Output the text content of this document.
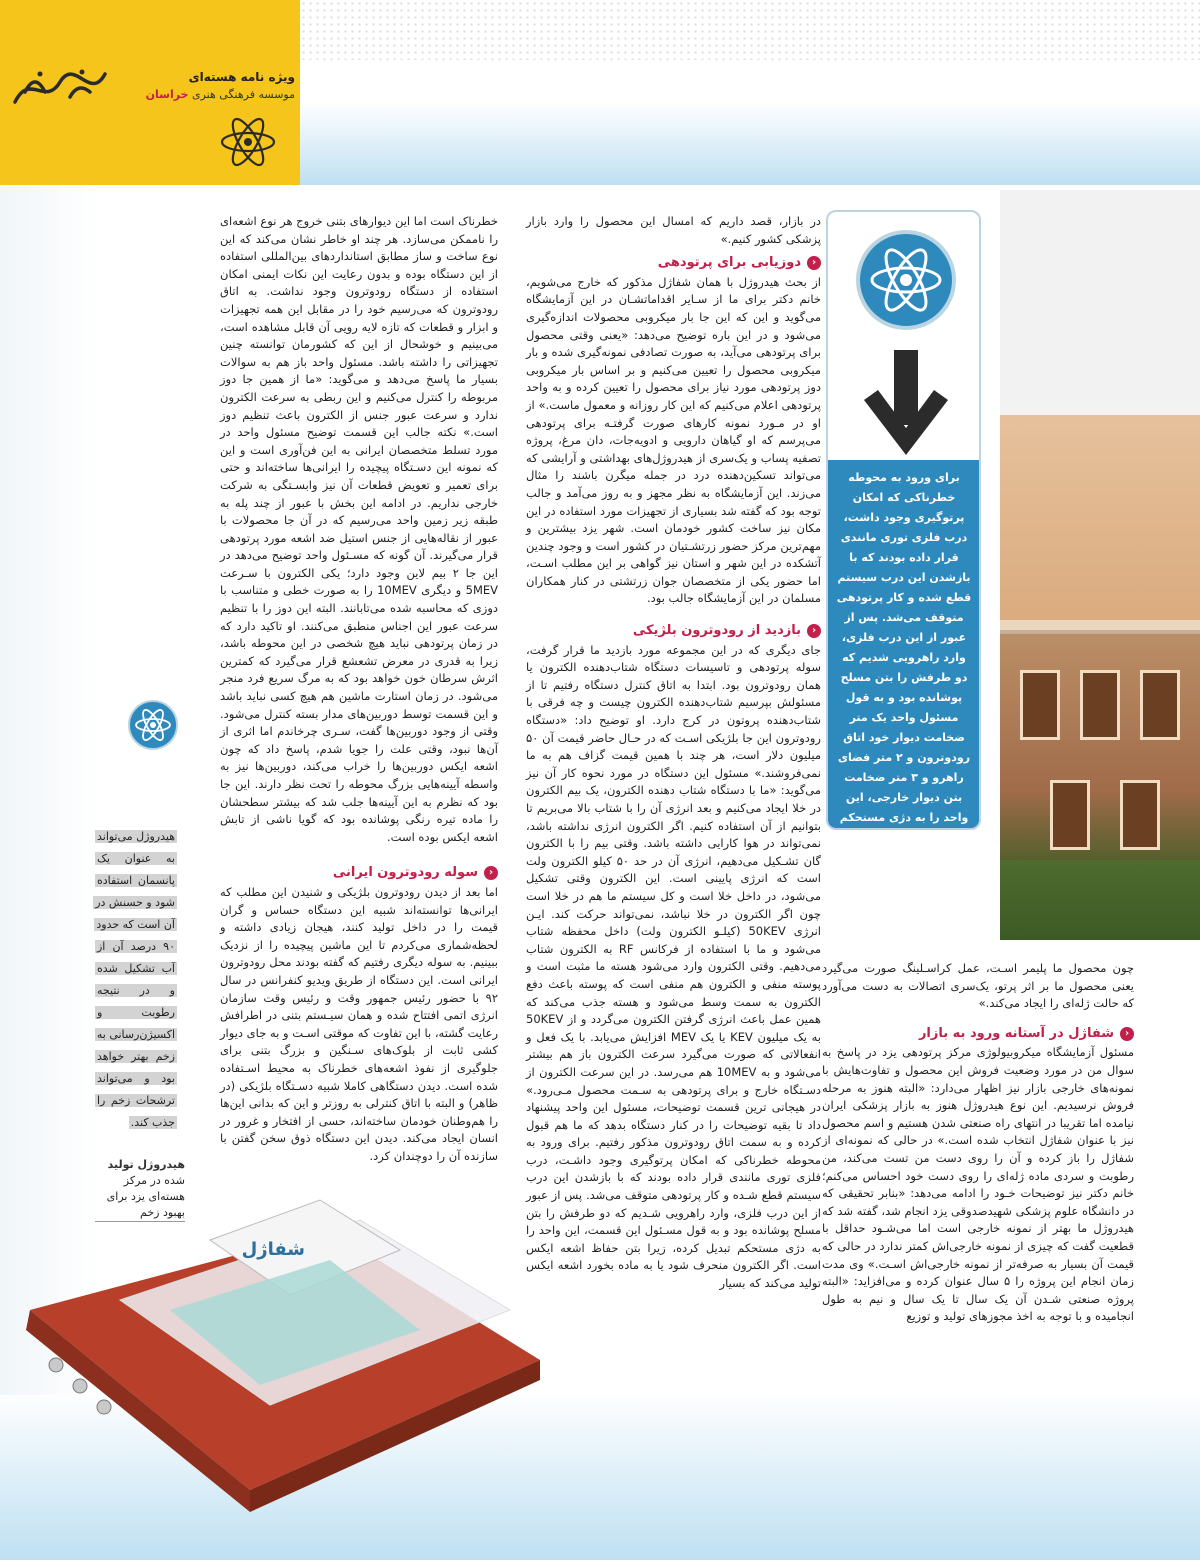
ویژه نامه هسته‌ای
موسسه فرهنگی هنری خراسان
برای ورود به محوطه خطرناکی که امکان پرتوگیری وجود داشت، درب فلزی توری مانندی قرار داده بودند که با بازشدن این درب سیستم قطع شده و کار پرتودهی متوقف می‌شد. پس از عبور از این درب فلزی، وارد راهرویی شدیم که دو طرفش را بتن مسلح پوشانده بود و به قول مسئول واحد یک متر ضخامت دیوار خود اتاق رودوترون و ۲ متر فضای راهرو و ۳ متر ضخامت بتن دیوار خارجی، این واحد را به دژی مستحکم تبدیل کرده، زیرا بتن حفاظ اشعه ایکس است.

در بازار، قصد داریم که امسال این محصول را وارد بازار پزشکی کشور کنیم.»

‹
دوزیابی برای پرتودهی

از بحث هیدروژل با همان شفاژل مذکور که خارج می‌شویم، خانم دکتر برای ما از سـایر اقداماتشـان در این آزمایشگاه می‌گوید و این که این جا بار میکروبی محصولات اندازه‌گیری می‌شود و در این باره توضیح می‌دهد: «یعنی وقتی محصول برای پرتودهی می‌آید، به صورت تصادفی نمونه‌گیری شده و بار میکروبی محصول را تعیین می‌کنیم و بر اساس بار میکروبی دوز پرتودهی مورد نیاز برای محصول را تعیین کرده و به واحد پرتودهی اعلام می‌کنیم که این کار روزانه و معمول ماست.» از او در مـورد نمونه کارهای صورت گرفتـه برای پرتودهی می‌پرسم که او گیاهان دارویی و ادویه‌جات، دان مرغ، پروژه تصفیه پساب و یک‌سری از هیدروژل‌های بهداشتی و آرایشی که می‌تواند تسکین‌دهنده درد در جمله میگرن باشند را مثال می‌زند. این آزمایشگاه به نظر مجهز و به روز می‌آمد و جالب توجه بود که گفته شد بسیاری از تجهیزات مورد استفاده در این مکان نیز ساخت کشور خودمان است. شهر یزد بیشترین و مهم‌ترین مرکز حضور زرتشـتیان در کشور است و وجود چندین آتشکده در این شهر و استان نیز گواهی بر این مطلب اسـت، اما حضور یکی از متخصصان جوان زرتشتی در کنار همکاران مسلمان در این آزمایشگاه جالب بود.

‹
بازدید از رودوترون بلژیکی

جای دیگری که در این مجموعه مورد بازدید ما قرار گرفت، سوله پرتودهی و تاسیسات دستگاه شتاب‌دهنده الکترون یا همان رودوترون بود. ابتدا به اتاق کنترل دستگاه رفتیم تا از مسئولش بپرسیم شتاب‌دهنده الکترون چیست و چه فرقی با شتاب‌دهنده پروتون در کرج دارد. او توضیح داد: «دستگاه رودوترون این جا بلژیکی اسـت که در حـال حاضر قیمت آن ۵۰ میلیون دلار است، هر چند با همین قیمت گزاف هم به ما نمی‌فروشند.» مسئول این دستگاه در مورد نحوه کار آن نیز می‌گوید: «ما با دستگاه شتاب دهنده الکترون، یک بیم الکترون در خلا ایجاد می‌کنیم و بعد انرژی آن را با شتاب بالا می‌بریم تا بتوانیم از آن استفاده کنیم. اگر الکترون انرژی نداشته باشد، نمی‌تواند در هوا کارایی داشته باشد. وقتی بیم را با الکترون گان تشـکیل می‌دهیم، انرژی آن در حد ۵۰ کیلو الکترون ولت است که انرژی پایینی است. این الکترون وقتی تشکیل می‌شود، در داخل خلا است و کل سیستم ما هم در خلا است چون اگر الکترون در خلا نباشد، نمی‌تواند حرکت کند. ایـن انرژی 50KEV (کیلـو الکترون ولت) داخل محفظه شتاب می‌شود و ما با استفاده از فرکانس RF به الکترون شتاب می‌دهیم. وقتی الکترون وارد می‌شود هسته ما مثبت است و پوسته منفی و الکترون هم منفی است که پوسته باعث دفع الکترون به سمت وسط می‌شود و هسته جذب می‌کند که همین عمل باعث انرژی گرفتن الکترون می‌گردد و از 50KEV به یک میلیون KEV یا یک MEV افزایش می‌یابد. با یک فعل و انفعالاتی که صورت می‌گیرد سرعت الکترون باز هم بیشتر می‌شود و به 10MEV هم می‌رسد. در این سرعت الکترون از دسـتگاه خارج و برای پرتودهی به سـمت محصول مـی‌رود.» در هیجانی ترین قسمت توضیحات، مسئول این واحد پیشنهاد داد تا بقیه توضیحات را در کنار دستگاه بدهد که ما هم قبول کرده و به سمت اتاق رودوترون مذکور رفتیم. برای ورود به محوطه خطرناکی که امکان پرتوگیری وجود داشـت، درب فلزی توری مانندی قرار داده بودند که با بازشدن این درب سیستم قطع شـده و کار پرتودهی متوقف می‌شد. پس از عبور از این درب فلزی، وارد راهرویی شـدیم که دو طرفش را بتن مسلح پوشانده بود و به قول مسـئول این قسمت، این واحد را به دژی مستحکم تبدیل کرده، زیرا بتن حفاظ اشعه ایکس است. اگر الکترون منحرف شود یا به ماده بخورد اشعه ایکس تولید می‌کند که بسیار

خطرناک است اما این دیوارهای بتنی خروج هر نوع اشعه‌ای را ناممکن می‌سازد. هر چند او خاطر نشان می‌کند که این نوع ساخت و ساز مطابق استانداردهای بین‌المللی استفاده از این دستگاه بوده و بدون رعایت این نکات ایمنی امکان استفاده از دستگاه رودوترون وجود نداشت. به اتاق رودوترون که می‌رسیم خود را در مقابل این همه تجهیزات و ابزار و قطعات که تازه لایه رویی آن قابل مشاهده است، می‌بینیم و خوشحال از این که کشورمان توانسته چنین تجهیزاتی را داشته باشد. مسئول واحد باز هم به سوالات بسیار ما پاسخ می‌دهد و می‌گوید: «ما از همین جا دوز مربوطه را کنترل می‌کنیم و این ربطی به سرعت الکترون ندارد و سرعت عبور جنس از الکترون باعث تنظیم دوز است.» نکته جالب این قسمت توضیح مسئول واحد در مورد تسلط متخصصان ایرانی به این فن‌آوری است و این که نمونه این دسـتگاه پیچیده را ایرانی‌ها ساخته‌اند و حتی برای تعمیر و تعویض قطعات آن نیز وابسـتگی به شرکت خارجی نداریم. در ادامه این بخش با عبور از چند پله به طبقه زیر زمین واحد می‌رسیم که در آن جا محصولات با عبور از نقاله‌هایی از جنس استیل ضد اشعه مورد پرتودهی قرار می‌گیرند. آن گونه که مسـئول واحد توضیح می‌دهد در این جا ۲ بیم لاین وجود دارد؛ یکی الکترون با سـرعت 5MEV و دیگری 10MEV را به صورت خطی و متناسب با دوزی که محاسبه شده می‌تابانند. البته این دوز را با تنظیم سرعت عبور این اجناس منطبق می‌کنند. او تاکید دارد که در زمان پرتودهی نباید هیچ شخصی در این محوطه باشد، زیرا به قدری در معرض تشعشع قرار می‌گیرد که کمترین اثرش سرطان خون خواهد بود که به مرگ سریع فرد منجر می‌شود. در زمان استارت ماشین هم هیچ کسی نباید باشد و این قسمت توسط دوربین‌های مدار بسته کنترل می‌شود. وقتی از وجود دوربین‌ها گفت، سـری چرخاندم اما اثری از آن‌ها نبود، وقتی علت را جویا شدم، پاسخ داد که چون اشعه ایکس دوربین‌ها را خراب می‌کند، دوربین‌ها نیز به واسطه آیینه‌هایی بزرگ محوطه را تحت نظر دارند. این جا بود که نظرم به این آیینه‌ها جلب شد که بیشتر سطحشان را ماده تیره رنگی پوشانده بود که گویا ناشی از تابش اشعه ایکس بوده است.

‹
سوله رودوترون ایرانی

اما بعد از دیدن رودوترون بلژیکی و شنیدن این مطلب که ایرانی‌ها توانسته‌اند شبیه این دستگاه حساس و گران قیمت را در داخل تولید کنند، هیجان زیادی داشته و لحظه‌شماری می‌کردم تا این ماشین پیچیده را از نزدیک ببینیم. به سوله دیگری رفتیم که گفته بودند محل رودوترون ایرانی است. این دستگاه از طریق ویدیو کنفرانس در سال ۹۲ با حضور رئیس جمهور وقت و رئیس وقت سازمان انرژی اتمی افتتاح شده و همان سیـستم بتنی در اطرافش رعایت گشته، با این تفاوت که موقتی اسـت و به جای دیوار کشی ثابت از بلوک‌های سـنگین و بزرگ بتنی برای جلوگیری از نفوذ اشعه‌های خطرناک به محیط اسـتفاده شده است. دیدن دستگاهی کاملا شبیه دسـتگاه بلژیکی (در ظاهر) و البته با اتاق کنترلی به روزتر و این که بدانی این‌ها را هم‌وطنان خودمان ساخته‌اند، حسی از افتخار و غرور در انسان ایجاد می‌کند. دیدن این دستگاه ذوق سخن گفتن با سازنده آن را دوچندان کرد.

چون محصول ما پلیمر اسـت، عمل کراسـلینگ صورت می‌گیرد یعنی محصول ما بر اثر پرتو، یک‌سری اتصالات به دست می‌آورد که حالت ژله‌ای را ایجاد می‌کند.»

‹
شفاژل در آستانه ورود به بازار

مسئول آزمایشگاه میکروبیولوژی مرکز پرتودهی یزد در پاسخ به سوال من در مورد وضعیت فروش این محصول و تفاوت‌هایش با نمونه‌های خارجی بازار نیز اظهار می‌دارد: «البته هنوز به مرحله فروش نرسیدیم. این نوع هیدروژل هنوز به بازار پزشکی ایران نیامده اما تقریبا در انتهای راه صنعتی شدن هستیم و اسم محصول نیز با عنوان شفاژل انتخاب شده است.» در حالی که نمونه‌ای از شفاژل را باز کرده و آن را روی دست من تست می‌کند، من رطوبت و سردی ماده ژله‌ای را روی دست خود احساس می‌کنم؛ خانم دکتر نیز توضیحات خـود را ادامه می‌دهد: «بنابر تحقیقی که در دانشگاه علوم پزشکی شهیدصدوقی یزد انجام شد، گفته شد که هیدروژل ما بهتر از نمونه خارجی است اما می‌شـود حداقل با قطعیت گفت که چیزی از نمونه خارجی‌اش کمتر ندارد در حالی که قیمت آن بسیار به صرفه‌تر از نمونه خارجی‌اش اسـت.» وی مدت زمان انجام این پروژه را ۵ سال عنوان کرده و می‌افزاید: «البته پروژه صنعتی شـدن آن یک سال تا یک سال و نیم به طول انجامیده و با توجه به اخذ مجوزهای تولید و توزیع

هیدروژل می‌تواند به عنوان یک پانسمان استفاده شود و حسنش در آن است که حدود ۹۰ درصد آن از آب تشکیل شده و در نتیجه رطوبت و اکسیژن‌رسانی به زخم بهتر خواهد بود و می‌تواند ترشحات زخم را جذب کند.
هیدروژل تولید شده در مرکز هسته‌ای یزد برای بهبود زخم
شفاژل
